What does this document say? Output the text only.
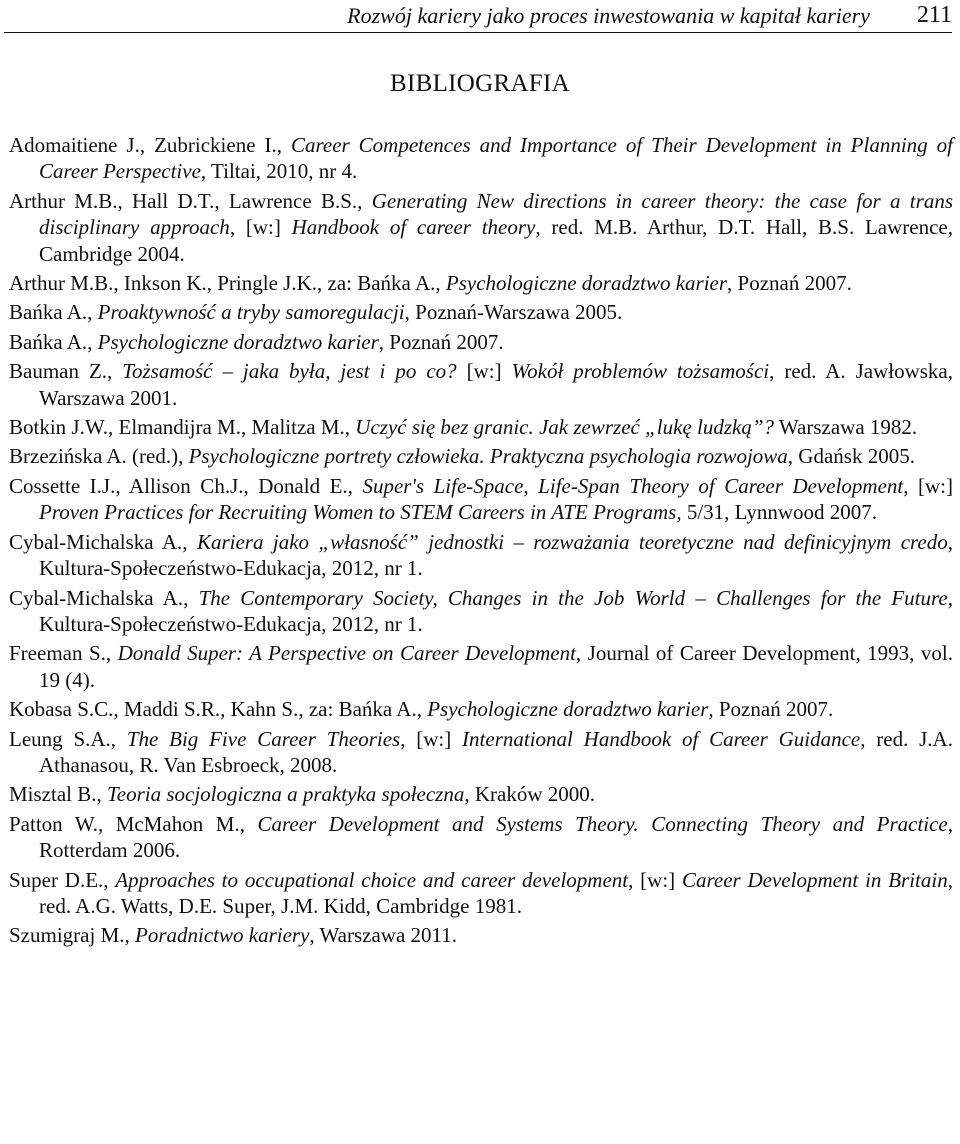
Rozwój kariery jako proces inwestowania w kapitał kariery 211
BIBLIOGRAFIA

Adomaitiene J., Zubrickiene I., Career Competences and Importance of Their Development in Planning of Career Perspective, Tiltai, 2010, nr 4.

Arthur M.B., Hall D.T., Lawrence B.S., Generating New directions in career theory: the case for a trans disciplinary approach, [w:] Handbook of career theory, red. M.B. Arthur, D.T. Hall, B.S. Lawrence, Cambridge 2004.

Arthur M.B., Inkson K., Pringle J.K., za: Bańka A., Psychologiczne doradztwo karier, Poznań 2007.

Bańka A., Proaktywność a tryby samoregulacji, Poznań-Warszawa 2005.

Bańka A., Psychologiczne doradztwo karier, Poznań 2007.

Bauman Z., Tożsamość – jaka była, jest i po co? [w:] Wokół problemów tożsamości, red. A. Jawłowska, Warszawa 2001.

Botkin J.W., Elmandijra M., Malitza M., Uczyć się bez granic. Jak zewrzeć „lukę ludzką”? Warszawa 1982.

Brzezińska A. (red.), Psychologiczne portrety człowieka. Praktyczna psychologia rozwojowa, Gdańsk 2005.

Cossette I.J., Allison Ch.J., Donald E., Super's Life-Space, Life-Span Theory of Career Development, [w:] Proven Practices for Recruiting Women to STEM Careers in ATE Programs, 5/31, Lynnwood 2007.

Cybal-Michalska A., Kariera jako „własność” jednostki – rozważania teoretyczne nad definicyjnym credo, Kultura-Społeczeństwo-Edukacja, 2012, nr 1.

Cybal-Michalska A., The Contemporary Society, Changes in the Job World – Challenges for the Future, Kultura-Społeczeństwo-Edukacja, 2012, nr 1.

Freeman S., Donald Super: A Perspective on Career Development, Journal of Career Development, 1993, vol. 19 (4).

Kobasa S.C., Maddi S.R., Kahn S., za: Bańka A., Psychologiczne doradztwo karier, Poznań 2007.

Leung S.A., The Big Five Career Theories, [w:] International Handbook of Career Guidance, red. J.A. Athanasou, R. Van Esbroeck, 2008.

Misztal B., Teoria socjologiczna a praktyka społeczna, Kraków 2000.

Patton W., McMahon M., Career Development and Systems Theory. Connecting Theory and Practice, Rotterdam 2006.

Super D.E., Approaches to occupational choice and career development, [w:] Career Development in Britain, red. A.G. Watts, D.E. Super, J.M. Kidd, Cambridge 1981.

Szumigraj M., Poradnictwo kariery, Warszawa 2011.
